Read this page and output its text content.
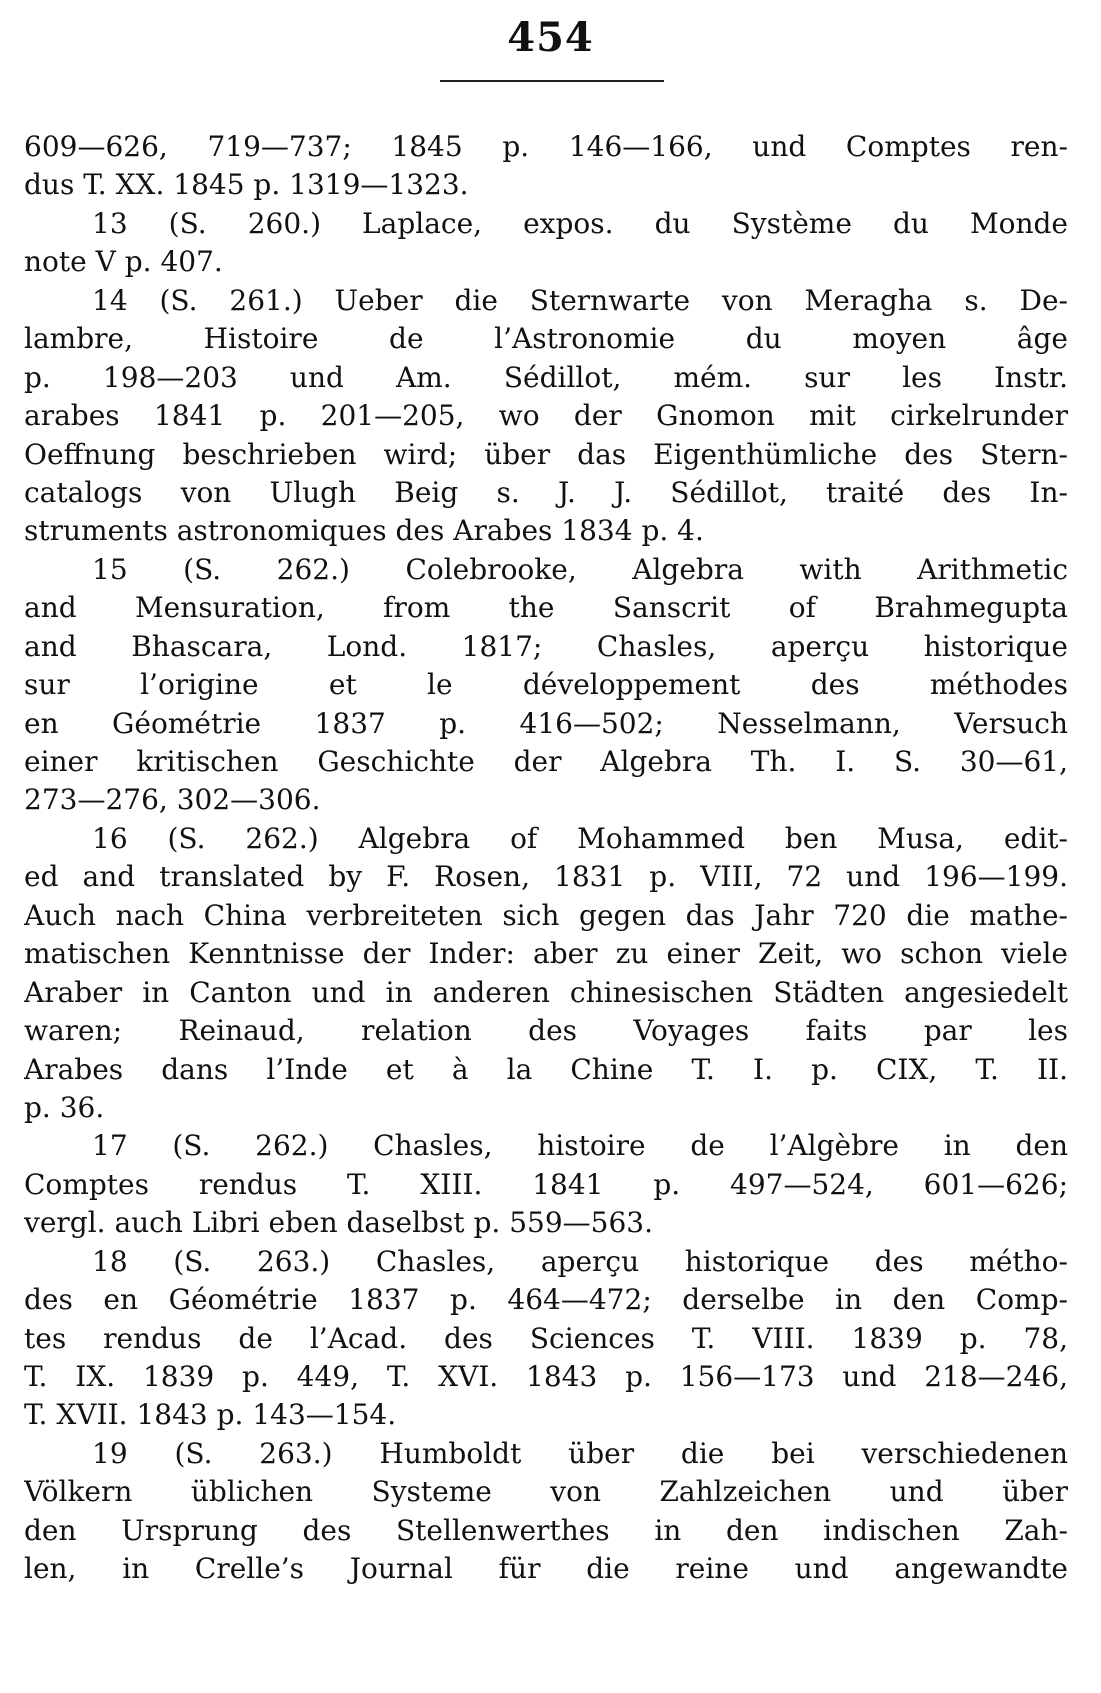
454
609—626, 719—737; 1845 p. 146—166, und Comptes ren-
dus T. XX. 1845 p. 1319—1323.
13 (S. 260.) Laplace, expos. du Système du Monde
note V p. 407.
14 (S. 261.) Ueber die Sternwarte von Meragha s. De-
lambre, Histoire de l’Astronomie du moyen âge
p. 198—203 und Am. Sédillot, mém. sur les Instr.
arabes 1841 p. 201—205, wo der Gnomon mit cirkelrunder
Oeffnung beschrieben wird; über das Eigenthümliche des Stern-
catalogs von Ulugh Beig s. J. J. Sédillot, traité des In-
struments astronomiques des Arabes 1834 p. 4.
15 (S. 262.) Colebrooke, Algebra with Arithmetic
and Mensuration, from the Sanscrit of Brahmegupta
and Bhascara, Lond. 1817; Chasles, aperçu historique
sur l’origine et le développement des méthodes
en Géométrie 1837 p. 416—502; Nesselmann, Versuch
einer kritischen Geschichte der Algebra Th. I. S. 30—61,
273—276, 302—306.
16 (S. 262.) Algebra of Mohammed ben Musa, edit-
ed and translated by F. Rosen, 1831 p. VIII, 72 und 196—199.
Auch nach China verbreiteten sich gegen das Jahr 720 die mathe-
matischen Kenntnisse der Inder: aber zu einer Zeit, wo schon viele
Araber in Canton und in anderen chinesischen Städten angesiedelt
waren; Reinaud, relation des Voyages faits par les
Arabes dans l’Inde et à la Chine T. I. p. CIX, T. II.
p. 36.
17 (S. 262.) Chasles, histoire de l’Algèbre in den
Comptes rendus T. XIII. 1841 p. 497—524, 601—626;
vergl. auch Libri eben daselbst p. 559—563.
18 (S. 263.) Chasles, aperçu historique des métho-
des en Géométrie 1837 p. 464—472; derselbe in den Comp-
tes rendus de l’Acad. des Sciences T. VIII. 1839 p. 78,
T. IX. 1839 p. 449, T. XVI. 1843 p. 156—173 und 218—246,
T. XVII. 1843 p. 143—154.
19 (S. 263.) Humboldt über die bei verschiedenen
Völkern üblichen Systeme von Zahlzeichen und über
den Ursprung des Stellenwerthes in den indischen Zah-
len, in Crelle’s Journal für die reine und angewandte
